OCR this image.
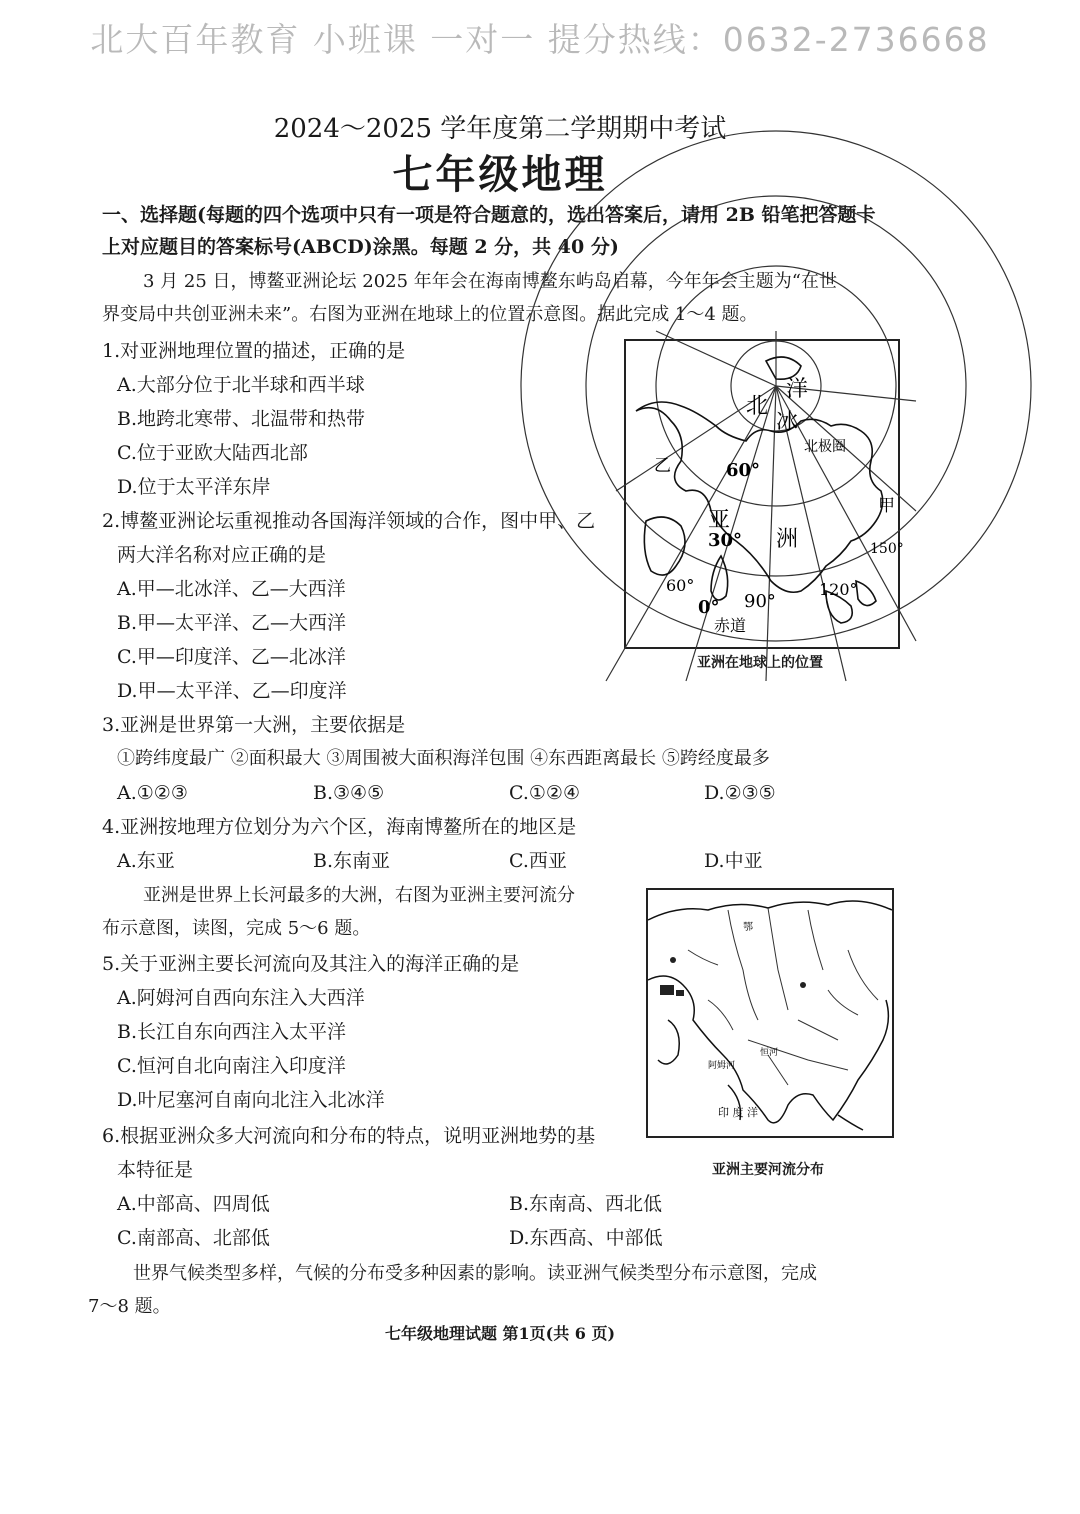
北大百年教育 小班课 一对一 提分热线：0632-2736668
2024～2025 学年度第二学期期中考试
七年级地理
一、选择题(每题的四个选项中只有一项是符合题意的，选出答案后，请用 2B 铅笔把答题卡
上对应题目的答案标号(ABCD)涂黑。每题 2 分，共 40 分)
3 月 25 日，博鳌亚洲论坛 2025 年年会在海南博鳌东屿岛启幕，今年年会主题为“在世
界变局中共创亚洲未来”。右图为亚洲在地球上的位置示意图。据此完成 1～4 题。
1.对亚洲地理位置的描述，正确的是
A.大部分位于北半球和西半球
B.地跨北寒带、北温带和热带
C.位于亚欧大陆西北部
D.位于太平洋东岸
2.博鳌亚洲论坛重视推动各国海洋领域的合作，图中甲、乙
两大洋名称对应正确的是
A.甲—北冰洋、乙—大西洋
B.甲—太平洋、乙—大西洋
C.甲—印度洋、乙—北冰洋
D.甲—太平洋、乙—印度洋
北
冰
洋
北极圈
60°
30°
亚
洲
甲
乙
150°
60°
0° 90°
120°
赤道
亚洲在地球上的位置
3.亚洲是世界第一大洲，主要依据是
①跨纬度最广 ②面积最大 ③周围被大面积海洋包围 ④东西距离最长 ⑤跨经度最多
A.①②③	B.③④⑤	C.①②④	D.②③⑤
4.亚洲按地理方位划分为六个区，海南博鳌所在的地区是
A.东亚	B.东南亚	C.西亚	D.中亚
亚洲是世界上长河最多的大洲，右图为亚洲主要河流分
布示意图，读图，完成 5～6 题。
5.关于亚洲主要长河流向及其注入的海洋正确的是
A.阿姆河自西向东注入大西洋
B.长江自东向西注入太平洋
C.恒河自北向南注入印度洋
D.叶尼塞河自南向北注入北冰洋
鄂
恒河
阿姆河
印 度 洋
亚洲主要河流分布
6.根据亚洲众多大河流向和分布的特点，说明亚洲地势的基
本特征是
A.中部高、四周低	B.东南高、西北低
C.南部高、北部低	D.东西高、中部低
世界气候类型多样，气候的分布受多种因素的影响。读亚洲气候类型分布示意图，完成
7～8 题。
七年级地理试题 第1页(共 6 页)
